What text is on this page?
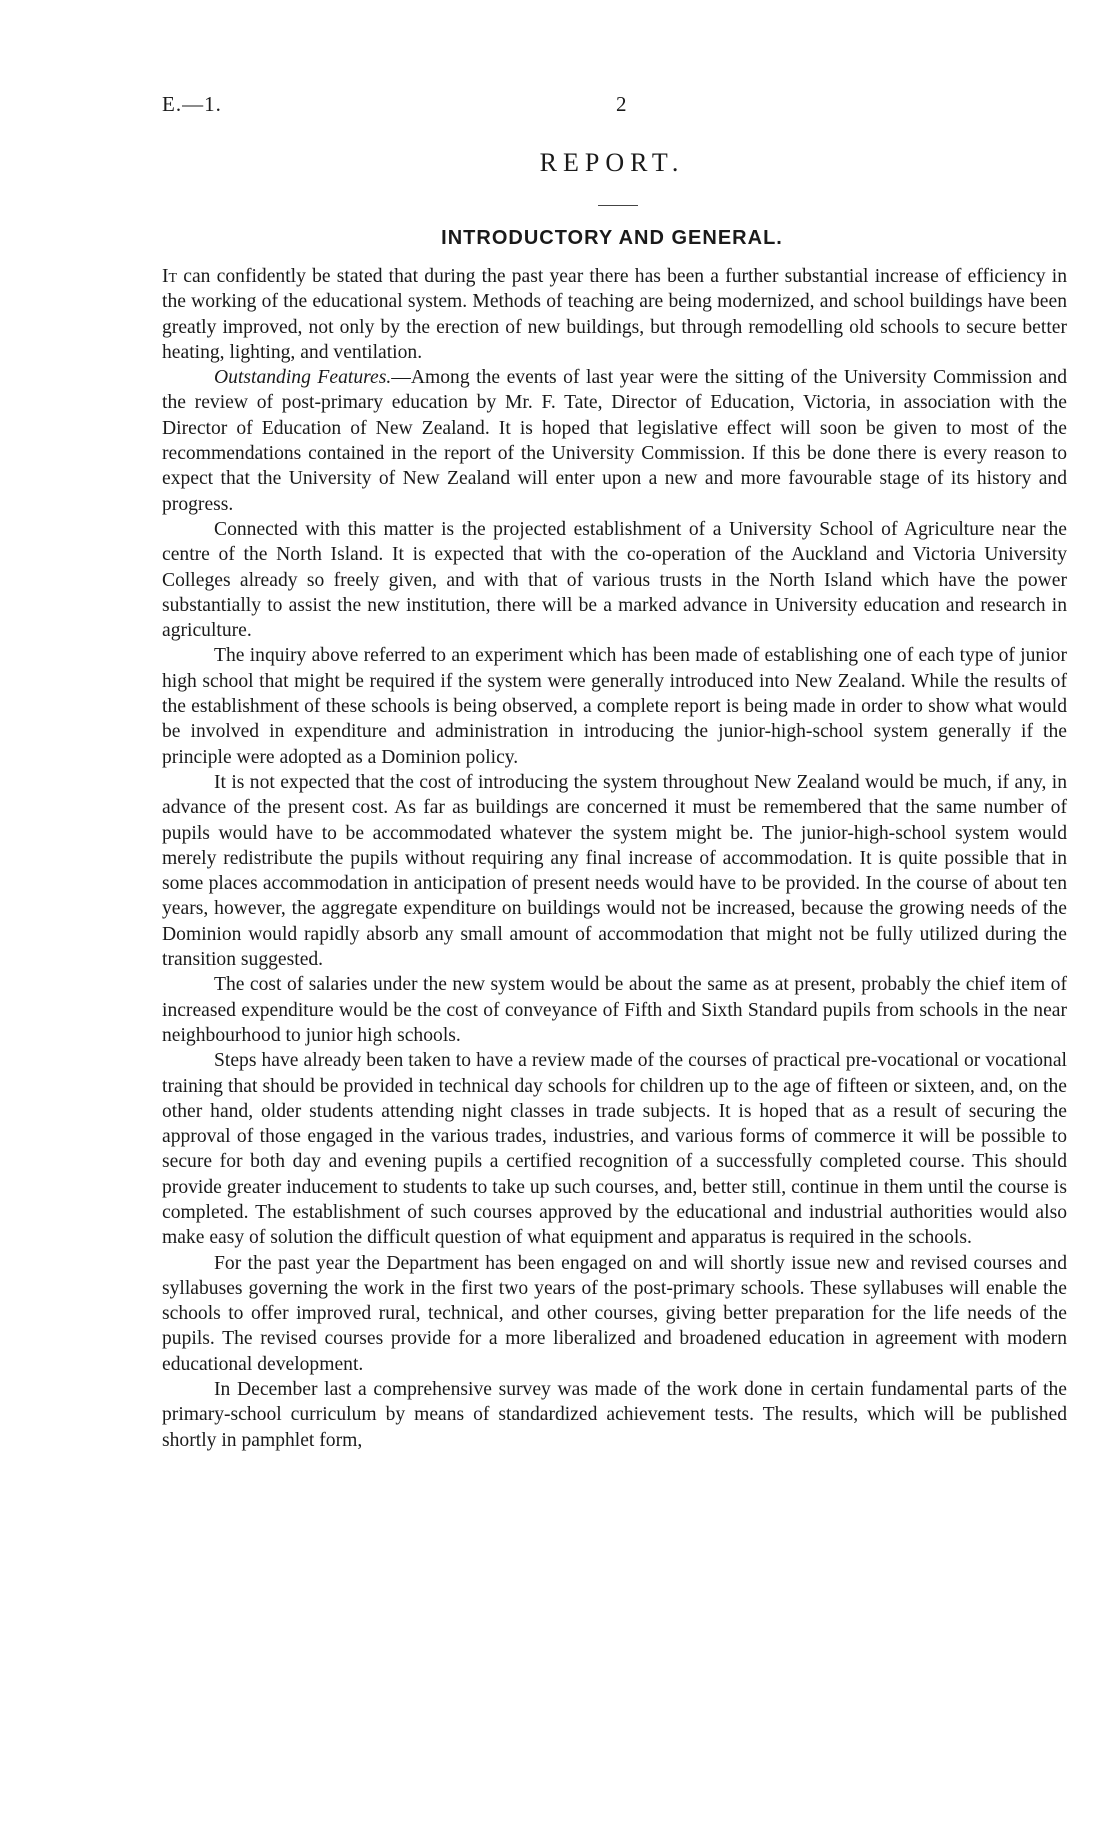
E.—1.	2
REPORT.
INTRODUCTORY AND GENERAL.

It can confidently be stated that during the past year there has been a further substantial increase of efficiency in the working of the educational system. Methods of teaching are being modernized, and school buildings have been greatly improved, not only by the erection of new buildings, but through remodelling old schools to secure better heating, lighting, and ventilation.

Outstanding Features.—Among the events of last year were the sitting of the University Commission and the review of post-primary education by Mr. F. Tate, Director of Education, Victoria, in association with the Director of Education of New Zealand. It is hoped that legislative effect will soon be given to most of the recommendations contained in the report of the University Commission. If this be done there is every reason to expect that the University of New Zealand will enter upon a new and more favourable stage of its history and progress.

Connected with this matter is the projected establishment of a University School of Agriculture near the centre of the North Island. It is expected that with the co-operation of the Auckland and Victoria University Colleges already so freely given, and with that of various trusts in the North Island which have the power substantially to assist the new institution, there will be a marked advance in University education and research in agriculture.

The inquiry above referred to an experiment which has been made of establishing one of each type of junior high school that might be required if the system were generally introduced into New Zealand. While the results of the establishment of these schools is being observed, a complete report is being made in order to show what would be involved in expenditure and administration in introducing the junior-high-school system generally if the principle were adopted as a Dominion policy.

It is not expected that the cost of introducing the system throughout New Zealand would be much, if any, in advance of the present cost. As far as buildings are concerned it must be remembered that the same number of pupils would have to be accommodated whatever the system might be. The junior-high-school system would merely redistribute the pupils without requiring any final increase of accommodation. It is quite possible that in some places accommodation in anticipation of present needs would have to be provided. In the course of about ten years, however, the aggregate expenditure on buildings would not be increased, because the growing needs of the Dominion would rapidly absorb any small amount of accommodation that might not be fully utilized during the transition suggested.

The cost of salaries under the new system would be about the same as at present, probably the chief item of increased expenditure would be the cost of conveyance of Fifth and Sixth Standard pupils from schools in the near neighbourhood to junior high schools.

Steps have already been taken to have a review made of the courses of practical pre-vocational or vocational training that should be provided in technical day schools for children up to the age of fifteen or sixteen, and, on the other hand, older students attending night classes in trade subjects. It is hoped that as a result of securing the approval of those engaged in the various trades, industries, and various forms of commerce it will be possible to secure for both day and evening pupils a certified recognition of a successfully completed course. This should provide greater inducement to students to take up such courses, and, better still, continue in them until the course is completed. The establishment of such courses approved by the educational and industrial authorities would also make easy of solution the difficult question of what equipment and apparatus is required in the schools.

For the past year the Department has been engaged on and will shortly issue new and revised courses and syllabuses governing the work in the first two years of the post-primary schools. These syllabuses will enable the schools to offer improved rural, technical, and other courses, giving better preparation for the life needs of the pupils. The revised courses provide for a more liberalized and broadened education in agreement with modern educational development.

In December last a comprehensive survey was made of the work done in certain fundamental parts of the primary-school curriculum by means of standardized achievement tests. The results, which will be published shortly in pamphlet form,
